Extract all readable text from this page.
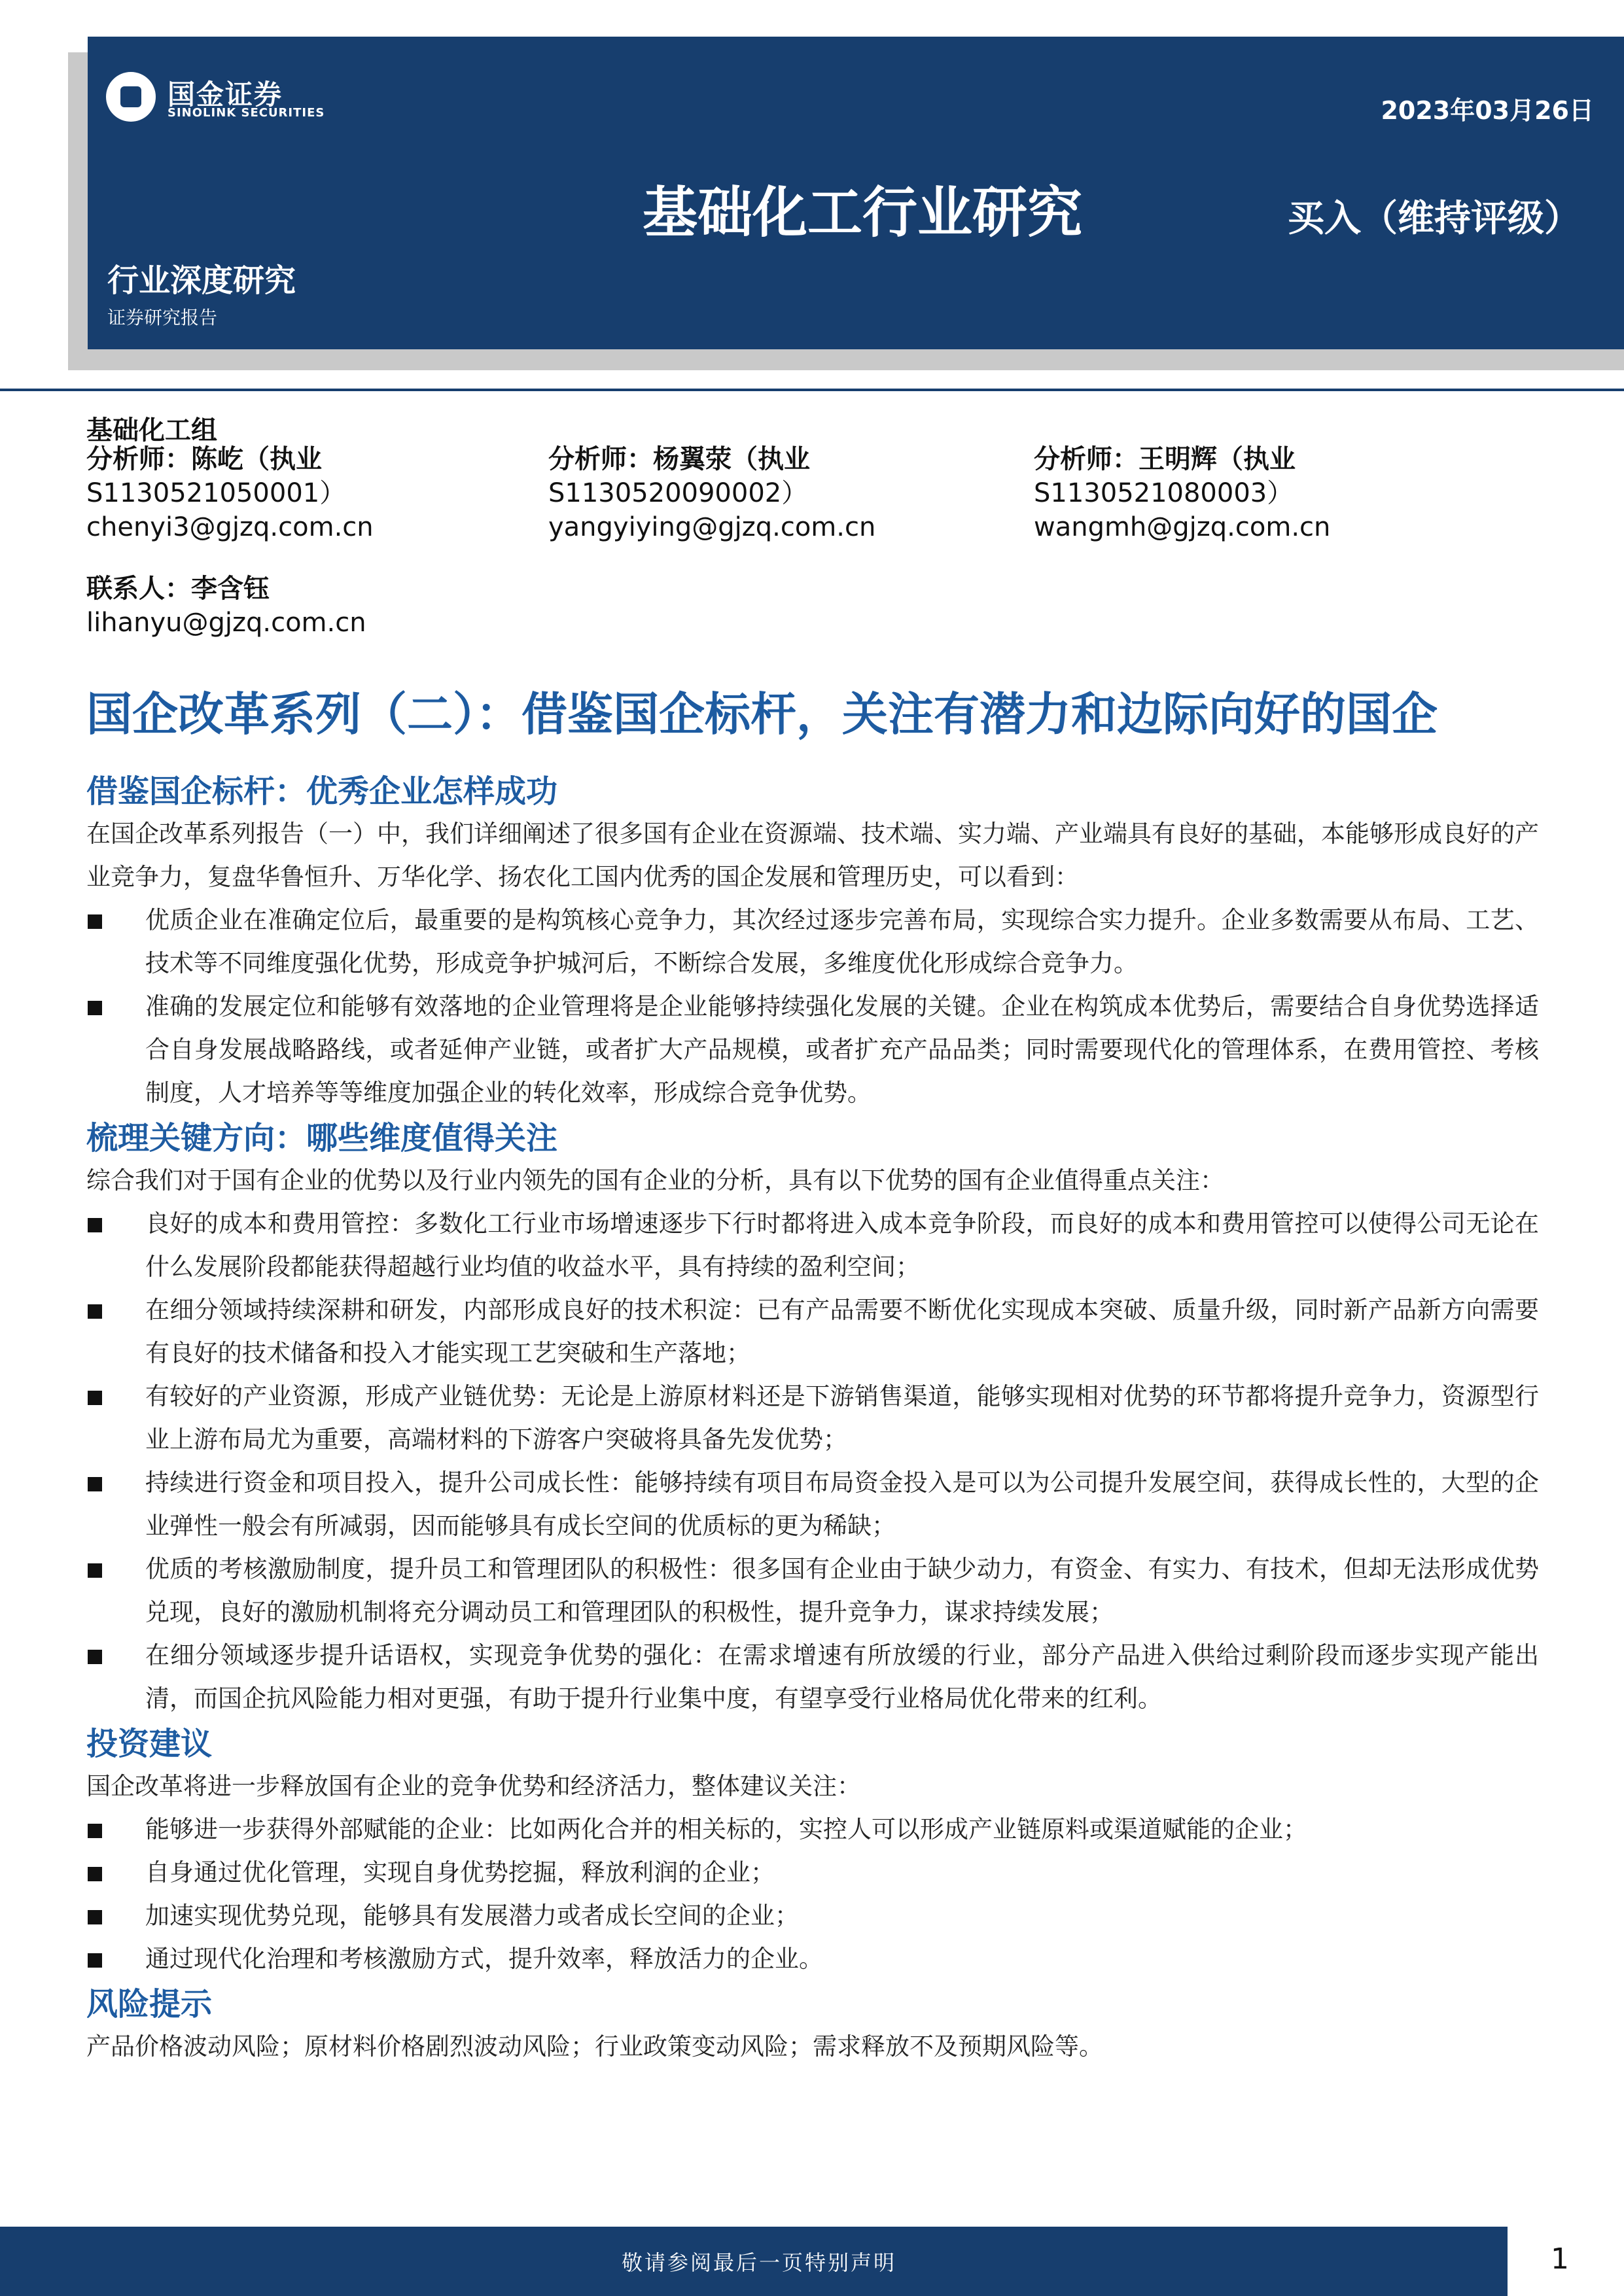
国金证券
SINOLINK SECURITIES	2023年03月26日
基础化工行业研究	买入（维持评级）
行业深度研究
证券研究报告
基础化工组
分析师：陈屹（执业
S1130521050001）
chenyi3@gjzq.com.cn
分析师：杨翼荥（执业
S1130520090002）
yangyiying@gjzq.com.cn
分析师：王明辉（执业
S1130521080003）
wangmh@gjzq.com.cn
联系人：李含钰
lihanyu@gjzq.com.cn
国企改革系列（二）：借鉴国企标杆，关注有潜力和边际向好的国企
借鉴国企标杆：优秀企业怎样成功
在国企改革系列报告（一）中，我们详细阐述了很多国有企业在资源端、技术端、实力端、产业端具有良好的基础，本能够形成良好的产业竞争力，复盘华鲁恒升、万华化学、扬农化工国内优秀的国企发展和管理历史，可以看到：
优质企业在准确定位后，最重要的是构筑核心竞争力，其次经过逐步完善布局，实现综合实力提升。企业多数需要从布局、工艺、技术等不同维度强化优势，形成竞争护城河后，不断综合发展，多维度优化形成综合竞争力。
准确的发展定位和能够有效落地的企业管理将是企业能够持续强化发展的关键。企业在构筑成本优势后，需要结合自身优势选择适合自身发展战略路线，或者延伸产业链，或者扩大产品规模，或者扩充产品品类；同时需要现代化的管理体系，在费用管控、考核制度，人才培养等等维度加强企业的转化效率，形成综合竞争优势。
梳理关键方向：哪些维度值得关注
综合我们对于国有企业的优势以及行业内领先的国有企业的分析，具有以下优势的国有企业值得重点关注：
良好的成本和费用管控：多数化工行业市场增速逐步下行时都将进入成本竞争阶段，而良好的成本和费用管控可以使得公司无论在什么发展阶段都能获得超越行业均值的收益水平，具有持续的盈利空间；
在细分领域持续深耕和研发，内部形成良好的技术积淀：已有产品需要不断优化实现成本突破、质量升级，同时新产品新方向需要有良好的技术储备和投入才能实现工艺突破和生产落地；
有较好的产业资源，形成产业链优势：无论是上游原材料还是下游销售渠道，能够实现相对优势的环节都将提升竞争力，资源型行业上游布局尤为重要，高端材料的下游客户突破将具备先发优势；
持续进行资金和项目投入，提升公司成长性：能够持续有项目布局资金投入是可以为公司提升发展空间，获得成长性的，大型的企业弹性一般会有所减弱，因而能够具有成长空间的优质标的更为稀缺；
优质的考核激励制度，提升员工和管理团队的积极性：很多国有企业由于缺少动力，有资金、有实力、有技术，但却无法形成优势兑现，良好的激励机制将充分调动员工和管理团队的积极性，提升竞争力，谋求持续发展；
在细分领域逐步提升话语权，实现竞争优势的强化：在需求增速有所放缓的行业，部分产品进入供给过剩阶段而逐步实现产能出清，而国企抗风险能力相对更强，有助于提升行业集中度，有望享受行业格局优化带来的红利。
投资建议
国企改革将进一步释放国有企业的竞争优势和经济活力，整体建议关注：
能够进一步获得外部赋能的企业：比如两化合并的相关标的，实控人可以形成产业链原料或渠道赋能的企业；
自身通过优化管理，实现自身优势挖掘，释放利润的企业；
加速实现优势兑现，能够具有发展潜力或者成长空间的企业；
通过现代化治理和考核激励方式，提升效率，释放活力的企业。
风险提示
产品价格波动风险；原材料价格剧烈波动风险；行业政策变动风险；需求释放不及预期风险等。
敬请参阅最后一页特别声明	1
